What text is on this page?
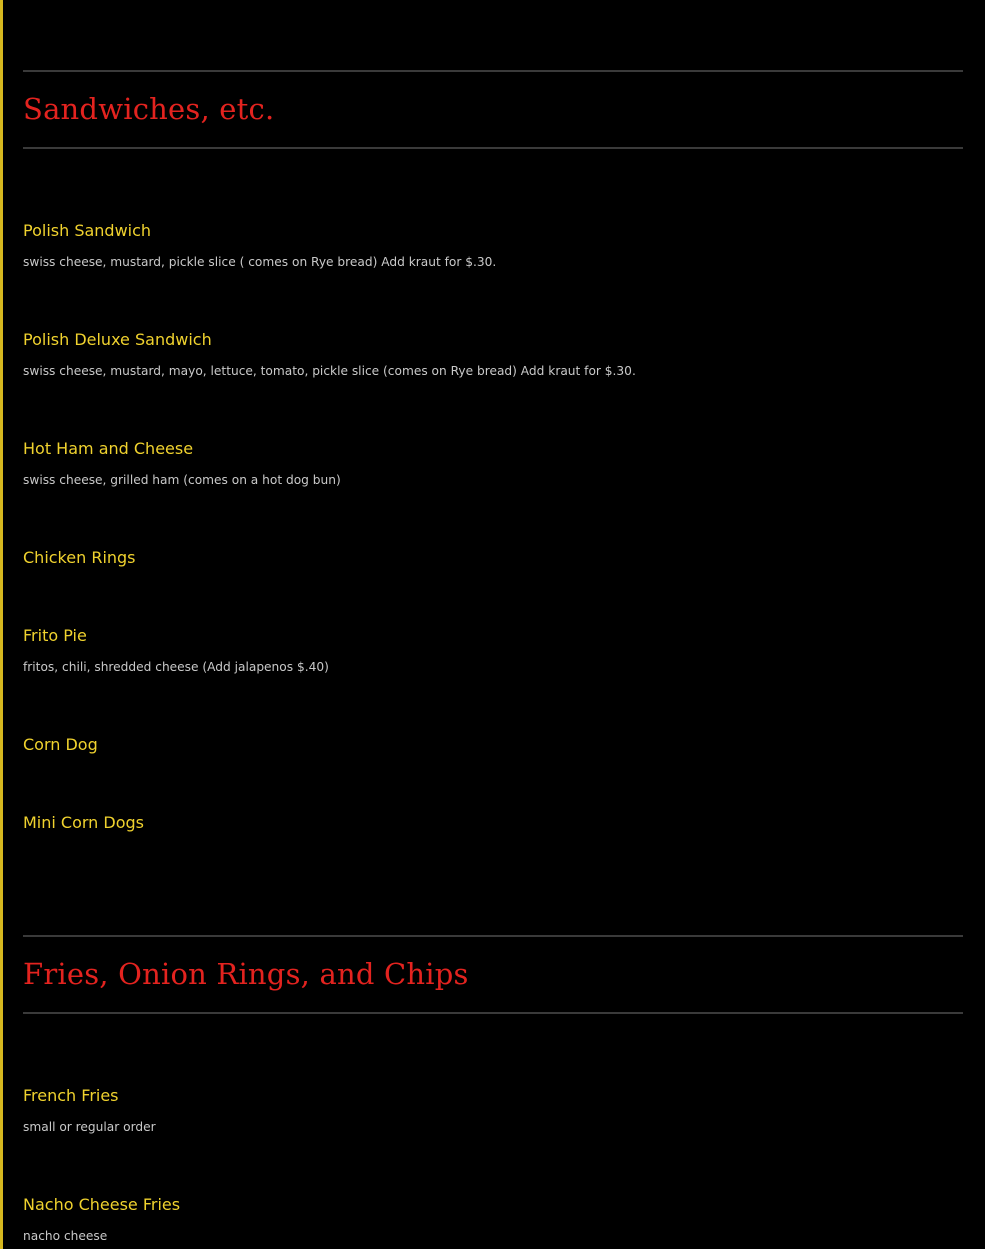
Sandwiches, etc.
Polish Sandwich

swiss cheese, mustard, pickle slice ( comes on Rye bread) Add kraut for $.30.

Polish Deluxe Sandwich

swiss cheese, mustard, mayo, lettuce, tomato, pickle slice (comes on Rye bread) Add kraut for $.30.

Hot Ham and Cheese

swiss cheese, grilled ham (comes on a hot dog bun)

Chicken Rings
Frito Pie

fritos, chili, shredded cheese (Add jalapenos $.40)

Corn Dog
Mini Corn Dogs
Fries, Onion Rings, and Chips
French Fries

small or regular order

Nacho Cheese Fries

nacho cheese
